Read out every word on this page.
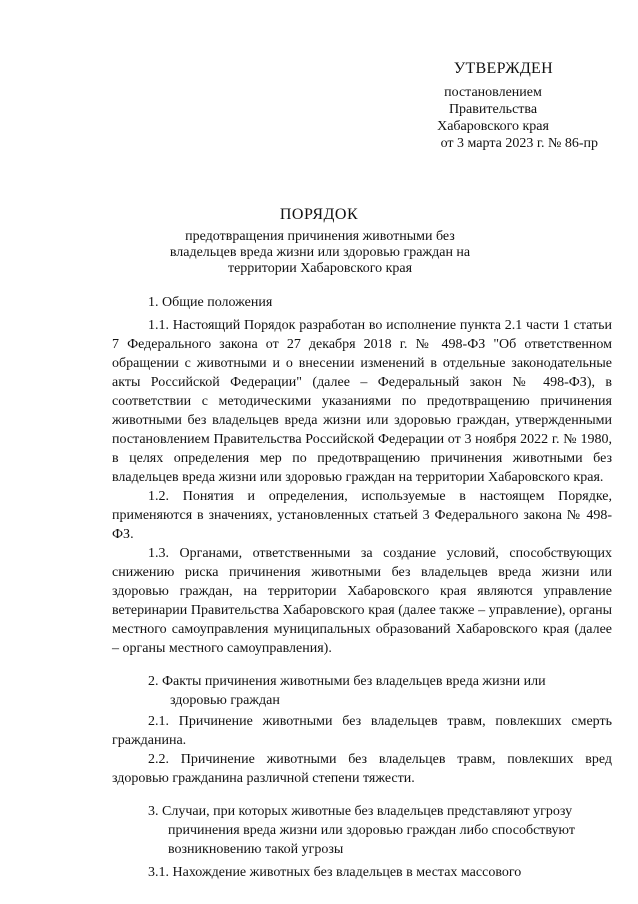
УТВЕРЖДЕН
постановлением
Правительства
Хабаровского края
от 3 марта 2023 г. № 86-пр
ПОРЯДОК
предотвращения причинения животными без владельцев вреда жизни или здоровью граждан на территории Хабаровского края
1. Общие положения

1.1. Настоящий Порядок разработан во исполнение пункта 2.1 части 1 статьи 7 Федерального закона от 27 декабря 2018 г. № 498-ФЗ "Об ответственном обращении с животными и о внесении изменений в отдельные законодательные акты Российской Федерации" (далее – Федеральный закон № 498-ФЗ), в соответствии с методическими указаниями по предотвращению причинения животными без владельцев вреда жизни или здоровью граждан, утвержденными постановлением Правительства Российской Федерации от 3 ноября 2022 г. № 1980, в целях определения мер по предотвращению причинения животными без владельцев вреда жизни или здоровью граждан на территории Хабаровского края.

1.2. Понятия и определения, используемые в настоящем Порядке, применяются в значениях, установленных статьей 3 Федерального закона № 498-ФЗ.

1.3. Органами, ответственными за создание условий, способствующих снижению риска причинения животными без владельцев вреда жизни или здоровью граждан, на территории Хабаровского края являются управление ветеринарии Правительства Хабаровского края (далее также – управление), органы местного самоуправления муниципальных образований Хабаровского края (далее – органы местного самоуправления).

2. Факты причинения животными без владельцев вреда жизни или
здоровью граждан

2.1. Причинение животными без владельцев травм, повлекших смерть гражданина.

2.2. Причинение животными без владельцев травм, повлекших вред здоровью гражданина различной степени тяжести.

3. Случаи, при которых животные без владельцев представляют угрозу
причинения вреда жизни или здоровью граждан либо способствуют
возникновению такой угрозы

3.1. Нахождение животных без владельцев в местах массового
